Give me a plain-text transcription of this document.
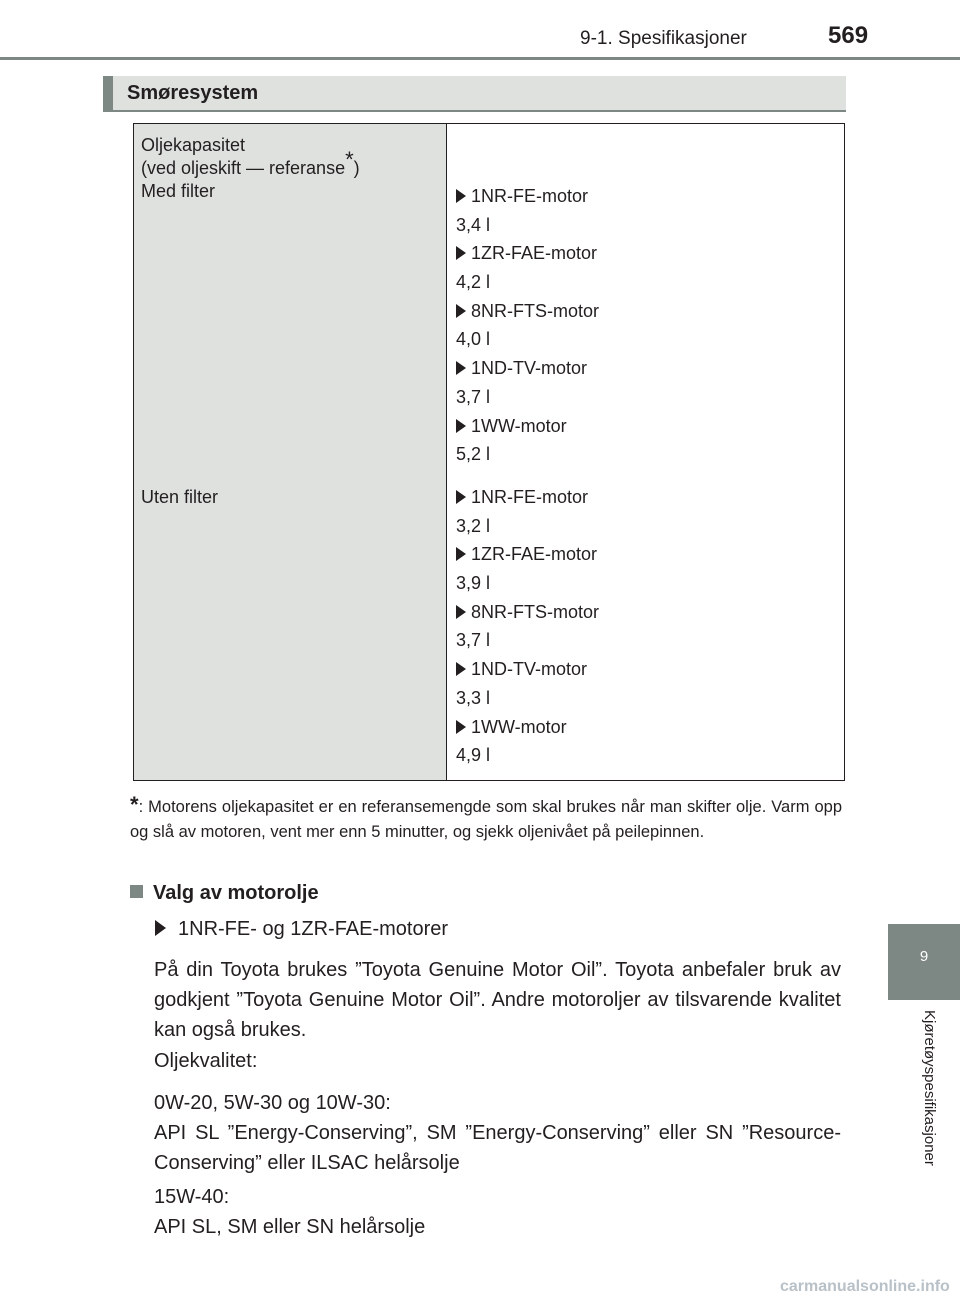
9-1. Spesifikasjoner	569
9
Kjøretøyspesifikasjoner
Smøresystem
Oljekapasitet
(ved oljeskift — referanse*)
Med filter
Uten filter
1NR-FE-motor
3,4 l
1ZR-FAE-motor
4,2 l
8NR-FTS-motor
4,0 l
1ND-TV-motor
3,7 l
1WW-motor
5,2 l
1NR-FE-motor
3,2 l
1ZR-FAE-motor
3,9 l
8NR-FTS-motor
3,7 l
1ND-TV-motor
3,3 l
1WW-motor
4,9 l
*: Motorens oljekapasitet er en referansemengde som skal brukes når man skifter olje. Varm opp og slå av motoren, vent mer enn 5 minutter, og sjekk oljenivået på peilepinnen.
Valg av motorolje
1NR-FE- og 1ZR-FAE-motorer
På din Toyota brukes ”Toyota Genuine Motor Oil”. Toyota anbefaler bruk av godkjent ”Toyota Genuine Motor Oil”. Andre motoroljer av tilsvarende kvalitet kan også brukes.
Oljekvalitet:
0W-20, 5W-30 og 10W-30:
API SL ”Energy-Conserving”, SM ”Energy-Conserving” eller SN ”Resource-Conserving” eller ILSAC helårsolje
15W-40:
API SL, SM eller SN helårsolje
carmanualsonline.info
